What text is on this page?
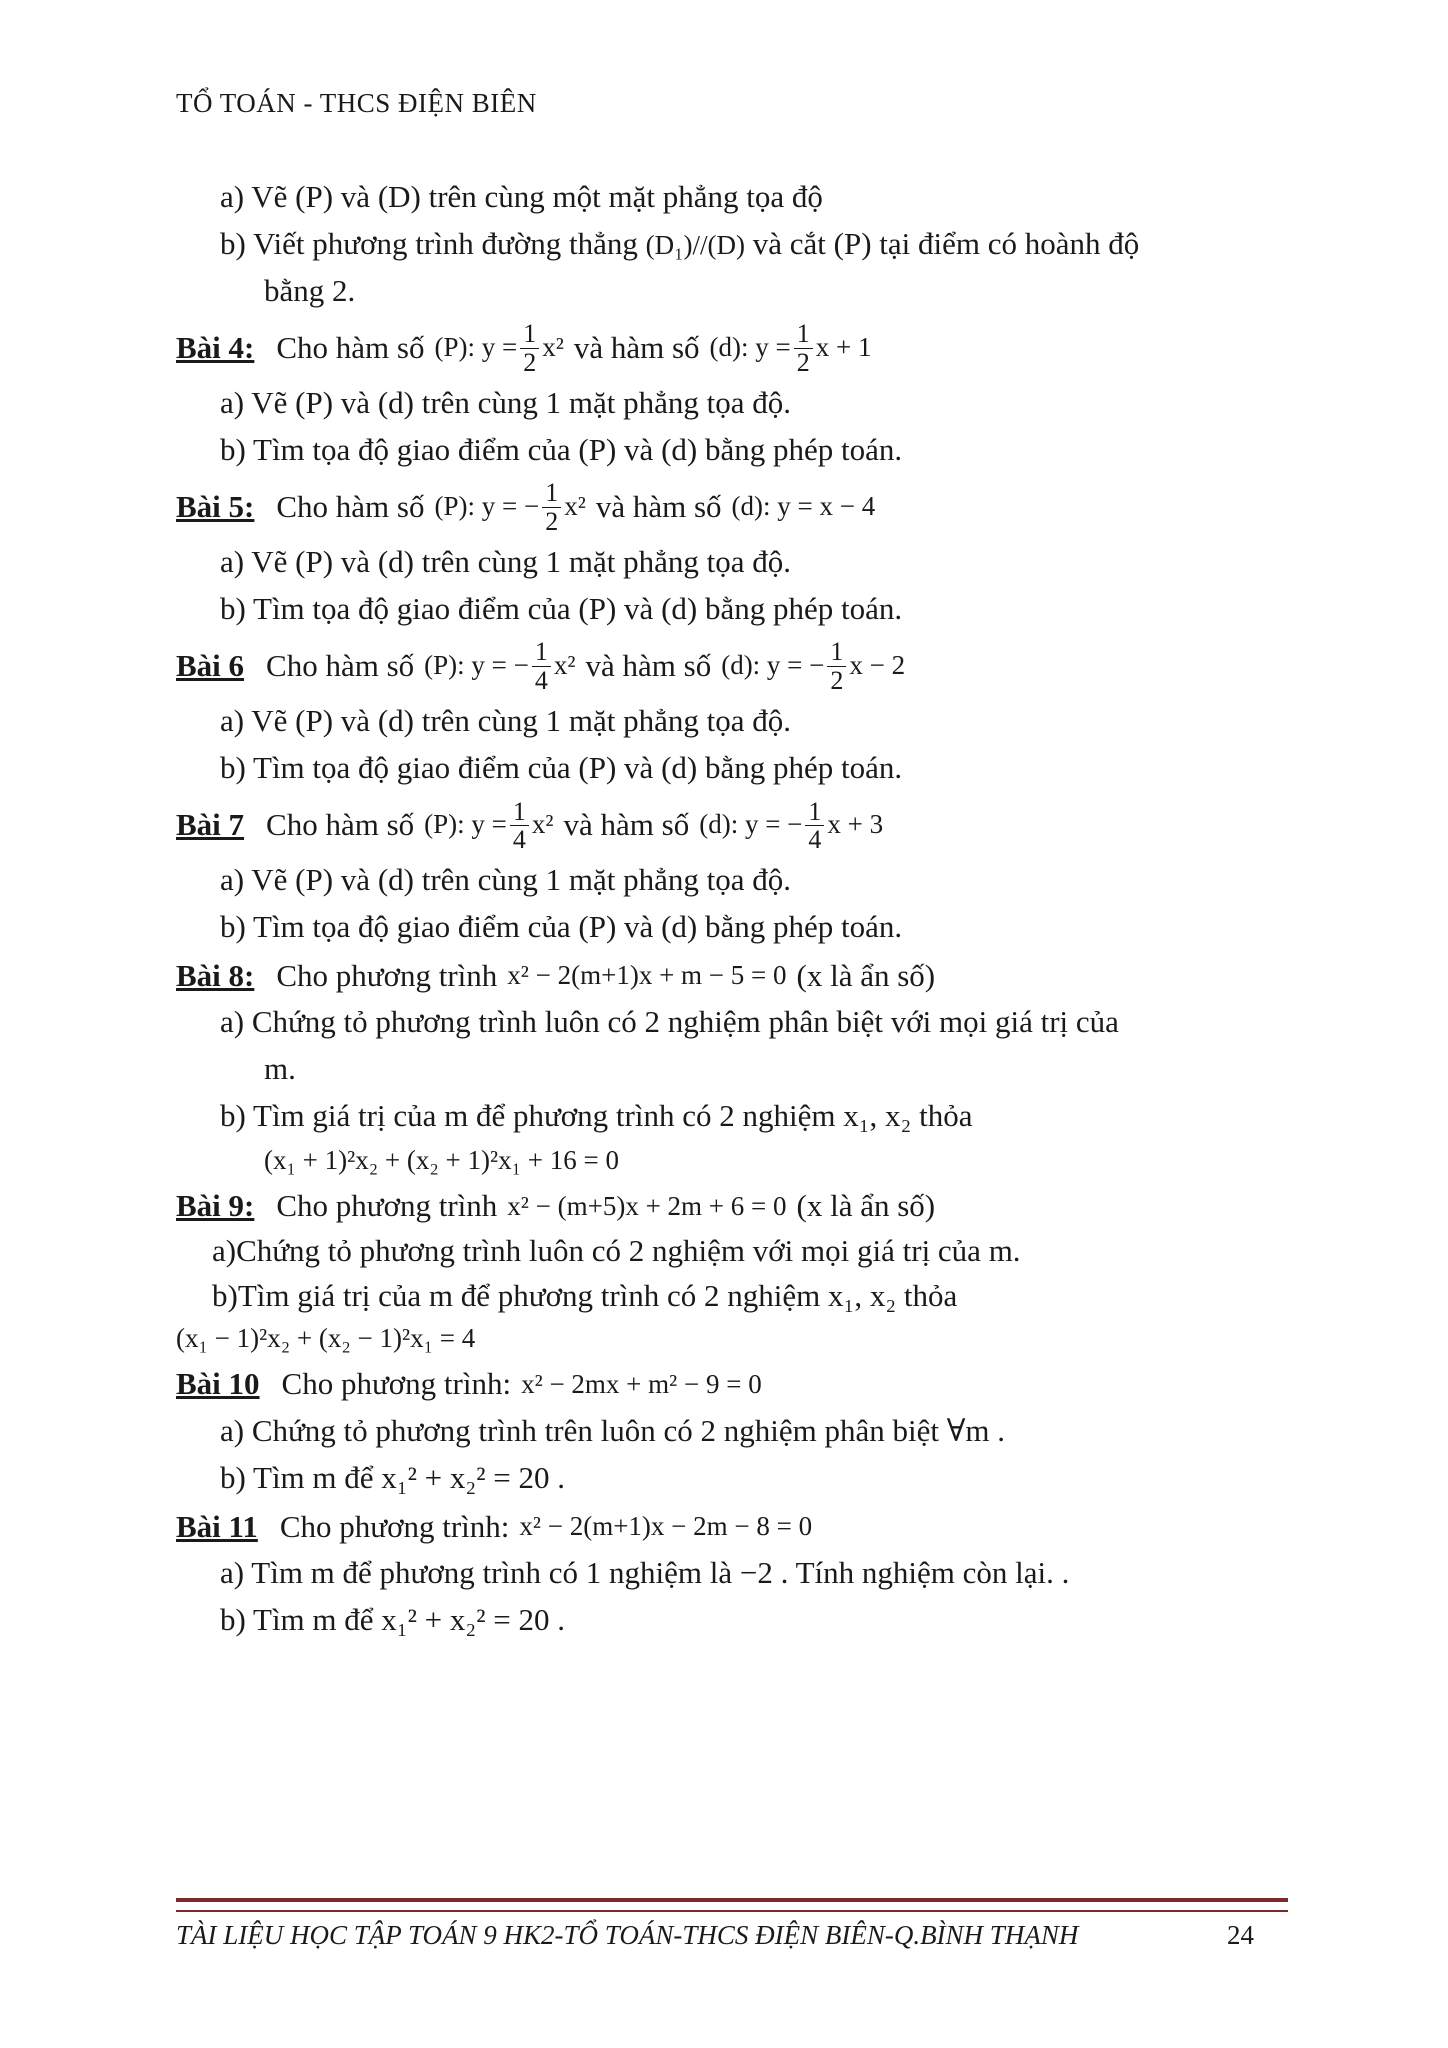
TỔ TOÁN - THCS ĐIỆN BIÊN
a) Vẽ (P) và (D) trên cùng một mặt phẳng tọa độ
b) Viết phương trình đường thẳng (D₁)//(D) và cắt (P) tại điểm có hoành độ
bằng 2.
Bài 4: Cho hàm số (P): $y = \frac{1}{2} x^2$ và hàm số (d): $y = \frac{1}{2}$ x + 1
a) Vẽ (P) và (d) trên cùng 1 mặt phẳng tọa độ.
b) Tìm tọa độ giao điểm của (P) và (d) bằng phép toán.
Bài 5: Cho hàm số (P): y = − $\frac{1}{2} x^2$ và hàm số (d): y = x − 4
a) Vẽ (P) và (d) trên cùng 1 mặt phẳng tọa độ.
b) Tìm tọa độ giao điểm của (P) và (d) bằng phép toán.
Bài 6 Cho hàm số (P): y = − $\frac{1}{4} x^2$ và hàm số (d): y = − $\frac{1}{2}$ x − 2
a) Vẽ (P) và (d) trên cùng 1 mặt phẳng tọa độ.
b) Tìm tọa độ giao điểm của (P) và (d) bằng phép toán.
Bài 7 Cho hàm số (P): $y = \frac{1}{4} x^2$ và hàm số (d): y = − $\frac{1}{4}$ x + 3
a) Vẽ (P) và (d) trên cùng 1 mặt phẳng tọa độ.
b) Tìm tọa độ giao điểm của (P) và (d) bằng phép toán.
Bài 8: Cho phương trình x² − 2(m+1)x + m − 5 = 0 (x là ẩn số)
a) Chứng tỏ phương trình luôn có 2 nghiệm phân biệt với mọi giá trị của
m.
b) Tìm giá trị của m để phương trình có 2 nghiệm x₁, x₂ thỏa
(x₁ + 1)²x₂ + (x₂ + 1)²x₁ + 16 = 0
Bài 9: Cho phương trình x² − (m+5)x + 2m + 6 = 0 (x là ẩn số)
a)Chứng tỏ phương trình luôn có 2 nghiệm với mọi giá trị của m.
b)Tìm giá trị của m để phương trình có 2 nghiệm x₁, x₂ thỏa
(x₁ − 1)²x₂ + (x₂ − 1)²x₁ = 4
Bài 10 Cho phương trình: x² − 2mx + m² − 9 = 0
a) Chứng tỏ phương trình trên luôn có 2 nghiệm phân biệt ∀m .
b) Tìm m để x₁² + x₂² = 20 .
Bài 11 Cho phương trình: x² − 2(m+1)x − 2m − 8 = 0
a) Tìm m để phương trình có 1 nghiệm là −2 . Tính nghiệm còn lại. .
b) Tìm m để x₁² + x₂² = 20 .
TÀI LIỆU HỌC TẬP TOÁN 9 HK2-TỔ TOÁN-THCS ĐIỆN BIÊN-Q.BÌNH THẠNH	24
